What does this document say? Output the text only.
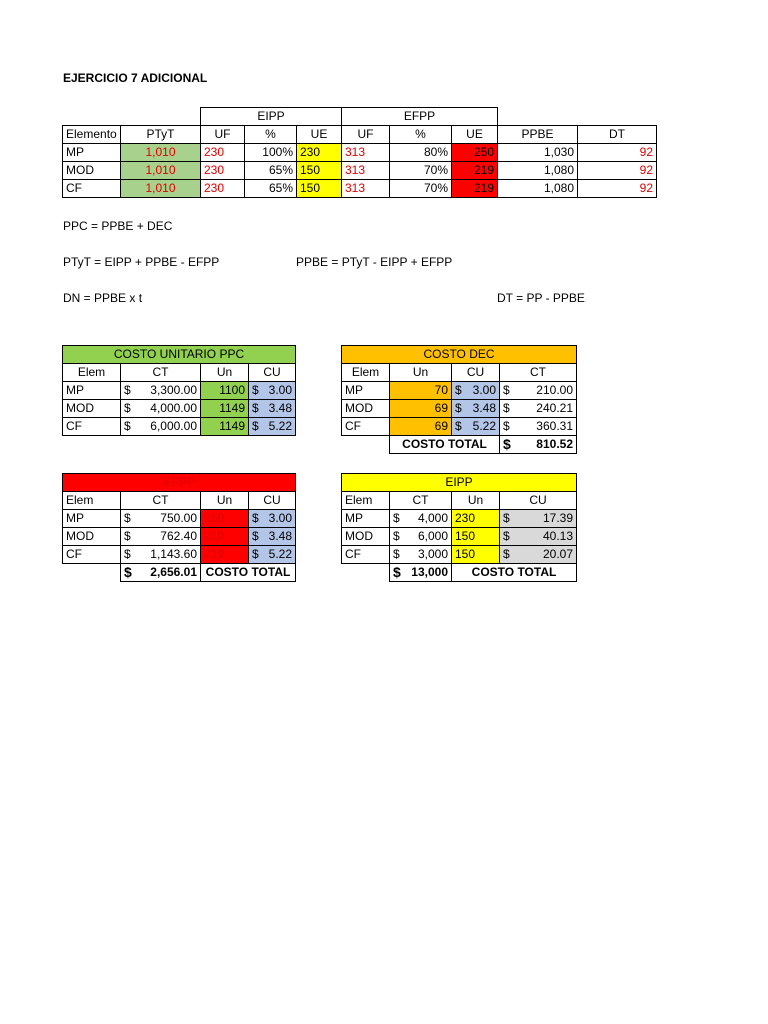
EJERCICIO 7 ADICIONAL
		EIPP			EFPP				
Elemento	PTyT	UF	%	UE	UF	%	UE	PPBE	DT
MP	1,010	230	100%	230	313	80%	250	1,030	92
MOD	1,010	230	65%	150	313	70%	219	1,080	92
CF	1,010	230	65%	150	313	70%	219	1,080	92
PPC = PPBE + DEC
PTyT = EIPP + PPBE - EFPP	PPBE = PTyT - EIPP + EFPP
DN = PPBE x t	DT = PP - PPBE
COSTO UNITARIO PPC			
Elem	CT	Un	CU
MP	$ 3,300.00	1100	$ 3.00

MOD	$ 4,000.00	1149	$ 3.48

CF	$ 6,000.00	1149	$ 5.22
COSTO DEC			
Elem	Un	CU	CT
MP	70	$ 3.00	$ 210.00

MOD	69	$ 3.48	$ 240.21

CF	69	$ 5.22	$ 360.31

	COSTO TOTAL		$ 810.52
EFPP			
Elem	CT	Un	CU
MP	$ 750.00	250	$ 3.00

MOD	$ 762.40	219	$ 3.48

CF	$ 1,143.60	219	$ 5.22

	$ 2,656.01	COSTO TOTAL	
EIPP			
Elem	CT	Un	CU
MP	$ 4,000	230	$ 17.39

MOD	$ 6,000	150	$ 40.13

CF	$ 3,000	150	$ 20.07

	$ 13,000	COSTO TOTAL	
